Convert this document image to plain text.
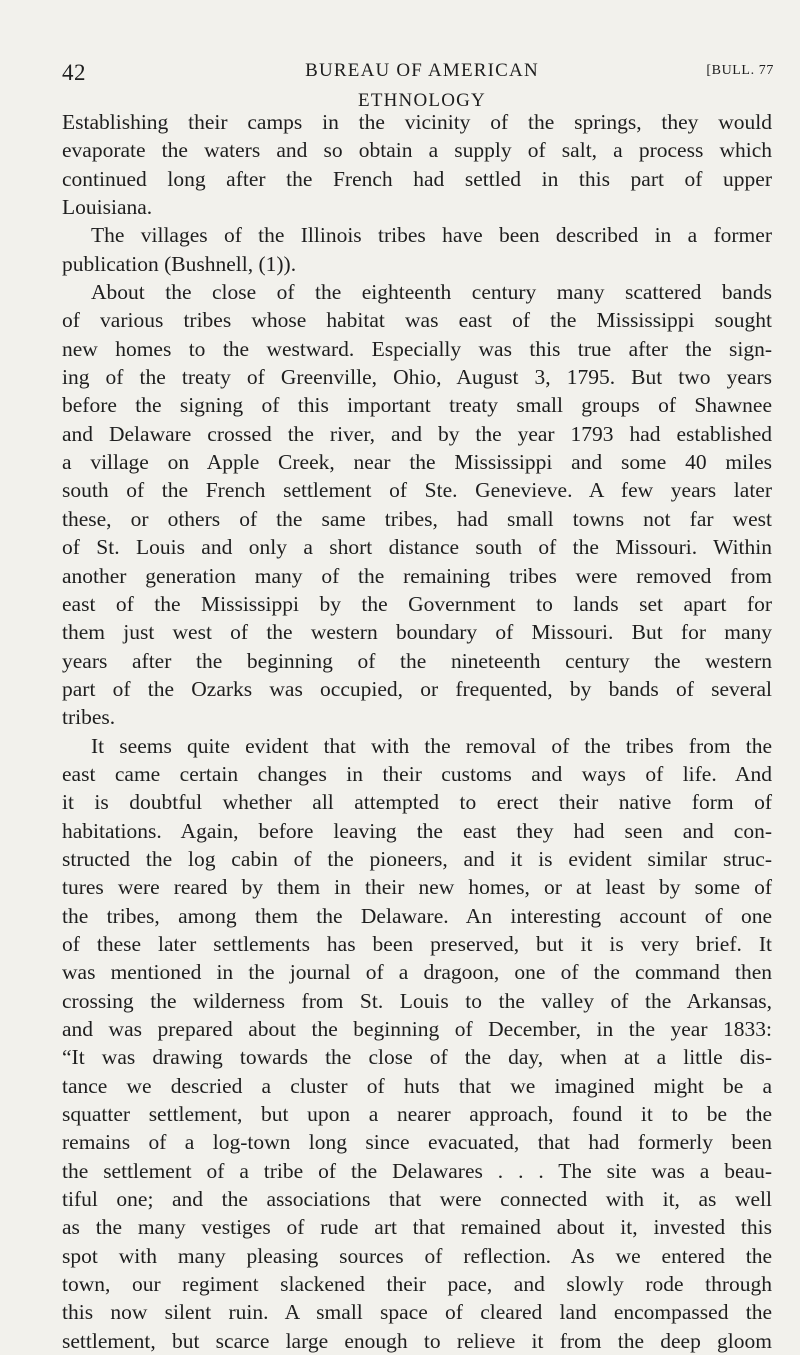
42	BUREAU OF AMERICAN ETHNOLOGY
[BULL. 77
Establishing their camps in the vicinity of the springs, they would
evaporate the waters and so obtain a supply of salt, a process which
continued long after the French had settled in this part of upper
Louisiana.
The villages of the Illinois tribes have been described in a former
publication (Bushnell, (1)).
About the close of the eighteenth century many scattered bands
of various tribes whose habitat was east of the Mississippi sought
new homes to the westward. Especially was this true after the sign-
ing of the treaty of Greenville, Ohio, August 3, 1795. But two years
before the signing of this important treaty small groups of Shawnee
and Delaware crossed the river, and by the year 1793 had established
a village on Apple Creek, near the Mississippi and some 40 miles
south of the French settlement of Ste. Genevieve. A few years later
these, or others of the same tribes, had small towns not far west
of St. Louis and only a short distance south of the Missouri. Within
another generation many of the remaining tribes were removed from
east of the Mississippi by the Government to lands set apart for
them just west of the western boundary of Missouri. But for many
years after the beginning of the nineteenth century the western
part of the Ozarks was occupied, or frequented, by bands of several
tribes.
It seems quite evident that with the removal of the tribes from the
east came certain changes in their customs and ways of life. And
it is doubtful whether all attempted to erect their native form of
habitations. Again, before leaving the east they had seen and con-
structed the log cabin of the pioneers, and it is evident similar struc-
tures were reared by them in their new homes, or at least by some of
the tribes, among them the Delaware. An interesting account of one
of these later settlements has been preserved, but it is very brief. It
was mentioned in the journal of a dragoon, one of the command then
crossing the wilderness from St. Louis to the valley of the Arkansas,
and was prepared about the beginning of December, in the year 1833:
“It was drawing towards the close of the day, when at a little dis-
tance we descried a cluster of huts that we imagined might be a
squatter settlement, but upon a nearer approach, found it to be the
remains of a log-town long since evacuated, that had formerly been
the settlement of a tribe of the Delawares . . . The site was a beau-
tiful one; and the associations that were connected with it, as well
as the many vestiges of rude art that remained about it, invested this
spot with many pleasing sources of reflection. As we entered the
town, our regiment slackened their pace, and slowly rode through
this now silent ruin. A small space of cleared land encompassed the
settlement, but scarce large enough to relieve it from the deep gloom
